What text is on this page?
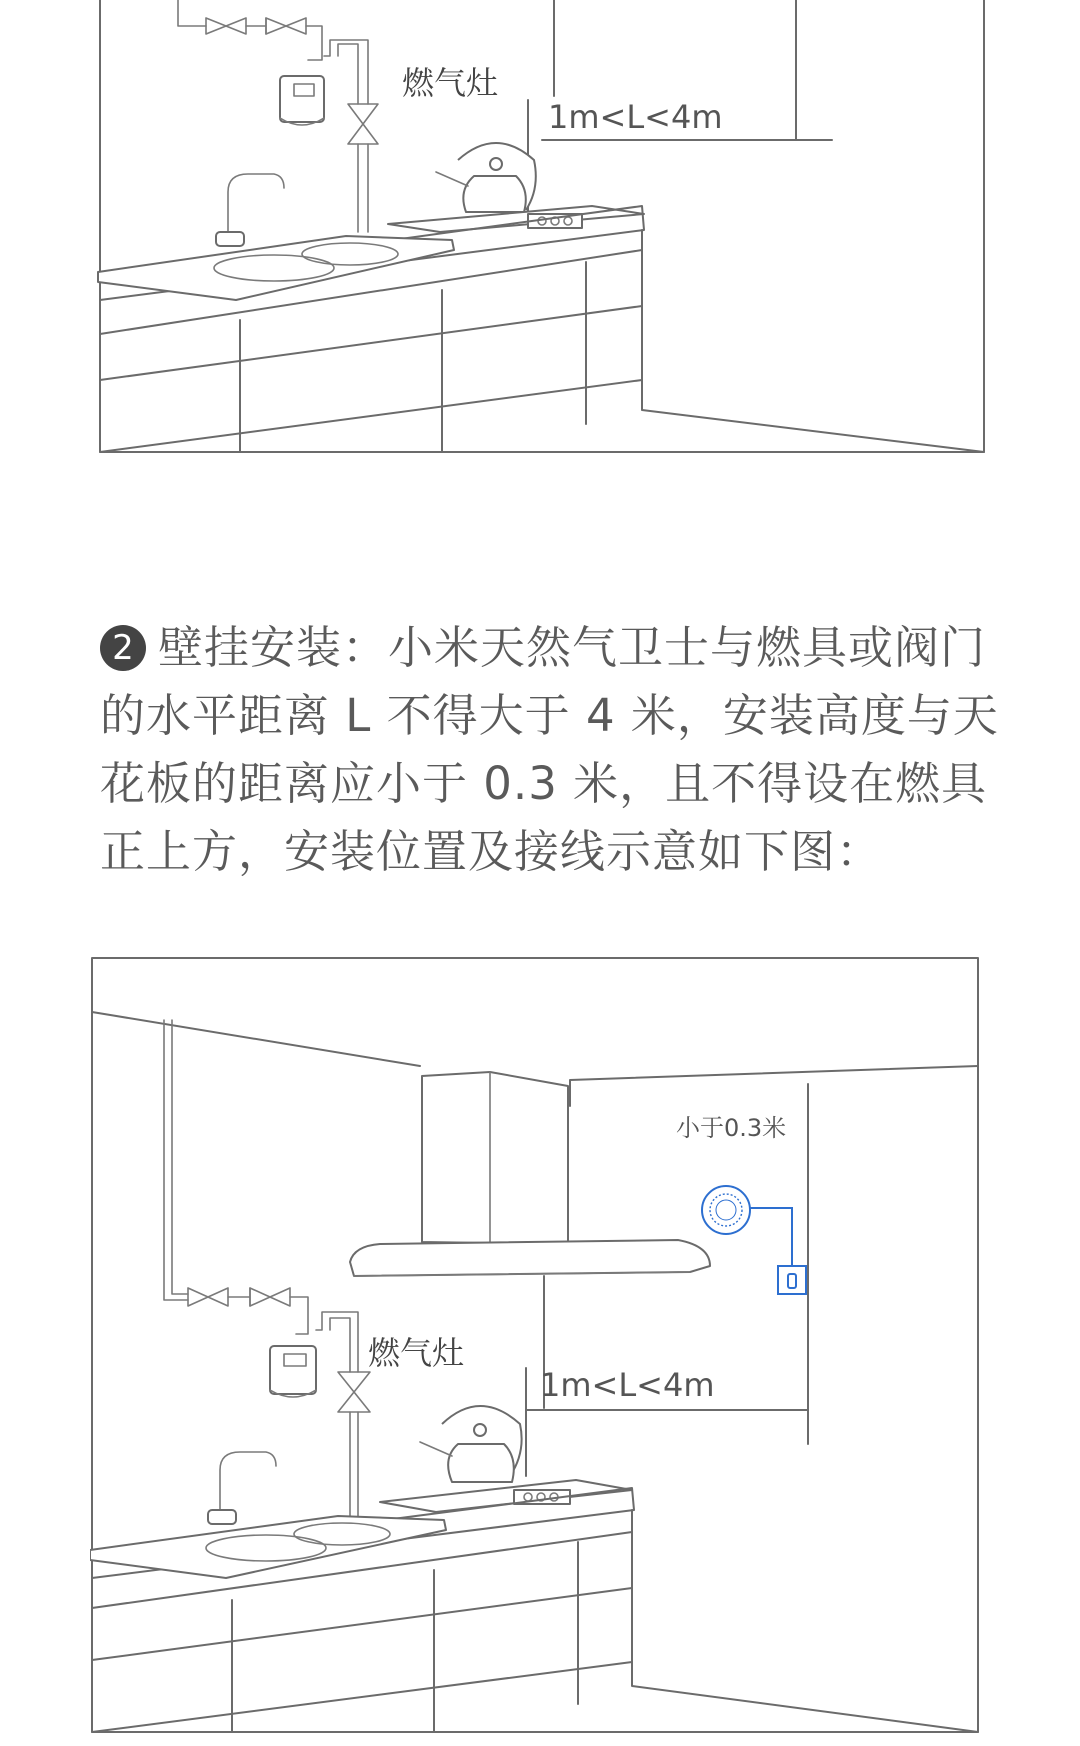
燃气灶
1m<L<4m
2 壁挂安装：小米天然气卫士与燃具或阀门的水平距离 L 不得大于 4 米，安装高度与天花板的距离应小于 0.3 米，且不得设在燃具正上方，安装位置及接线示意如下图：
燃气灶
1m<L<4m
小于0.3米
